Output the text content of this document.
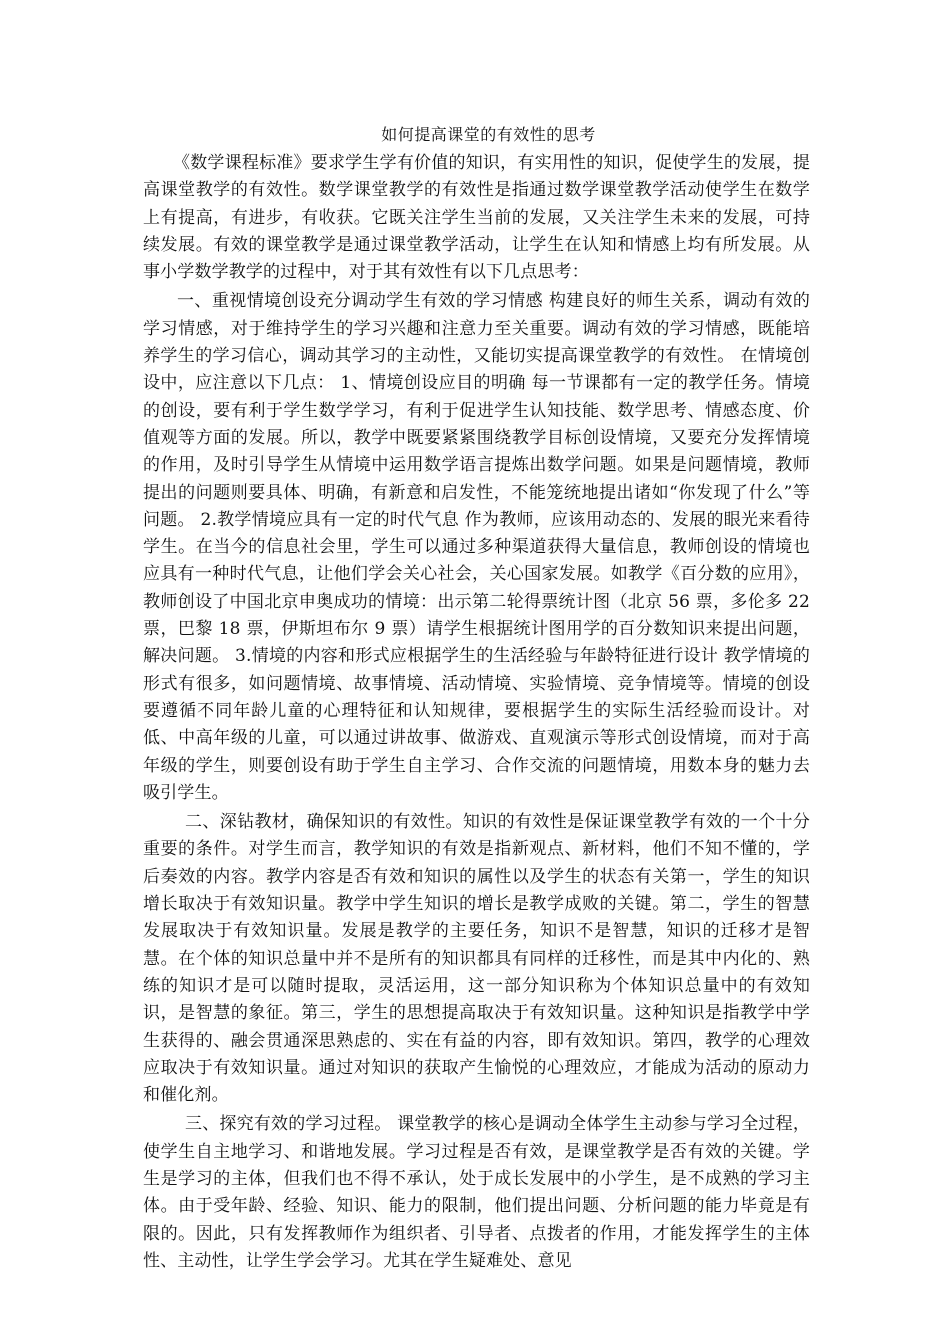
如何提高课堂的有效性的思考

《数学课程标准》要求学生学有价值的知识，有实用性的知识，促使学生的发展，提高课堂教学的有效性。数学课堂教学的有效性是指通过数学课堂教学活动使学生在数学上有提高，有进步，有收获。它既关注学生当前的发展，又关注学生未来的发展，可持续发展。有效的课堂教学是通过课堂教学活动，让学生在认知和情感上均有所发展。从事小学数学教学的过程中，对于其有效性有以下几点思考：

一、重视情境创设充分调动学生有效的学习情感 构建良好的师生关系，调动有效的学习情感，对于维持学生的学习兴趣和注意力至关重要。调动有效的学习情感，既能培养学生的学习信心，调动其学习的主动性，又能切实提高课堂教学的有效性。 在情境创设中，应注意以下几点： 1、情境创设应目的明确 每一节课都有一定的教学任务。情境的创设，要有利于学生数学学习，有利于促进学生认知技能、数学思考、情感态度、价值观等方面的发展。所以，教学中既要紧紧围绕教学目标创设情境，又要充分发挥情境的作用，及时引导学生从情境中运用数学语言提炼出数学问题。如果是问题情境，教师提出的问题则要具体、明确，有新意和启发性，不能笼统地提出诸如“你发现了什么”等问题。 2.教学情境应具有一定的时代气息 作为教师，应该用动态的、发展的眼光来看待学生。在当今的信息社会里，学生可以通过多种渠道获得大量信息，教师创设的情境也应具有一种时代气息，让他们学会关心社会，关心国家发展。如教学《百分数的应用》，教师创设了中国北京申奥成功的情境：出示第二轮得票统计图（北京 56 票，多伦多 22 票，巴黎 18 票，伊斯坦布尔 9 票）请学生根据统计图用学的百分数知识来提出问题，解决问题。 3.情境的内容和形式应根据学生的生活经验与年龄特征进行设计 教学情境的形式有很多，如问题情境、故事情境、活动情境、实验情境、竞争情境等。情境的创设要遵循不同年龄儿童的心理特征和认知规律，要根据学生的实际生活经验而设计。对低、中高年级的儿童，可以通过讲故事、做游戏、直观演示等形式创设情境，而对于高年级的学生，则要创设有助于学生自主学习、合作交流的问题情境，用数本身的魅力去吸引学生。

二、深钻教材，确保知识的有效性。知识的有效性是保证课堂教学有效的一个十分重要的条件。对学生而言，教学知识的有效是指新观点、新材料，他们不知不懂的，学后奏效的内容。教学内容是否有效和知识的属性以及学生的状态有关第一，学生的知识增长取决于有效知识量。教学中学生知识的增长是教学成败的关键。第二，学生的智慧发展取决于有效知识量。发展是教学的主要任务，知识不是智慧，知识的迁移才是智慧。在个体的知识总量中并不是所有的知识都具有同样的迁移性，而是其中内化的、熟练的知识才是可以随时提取，灵活运用，这一部分知识称为个体知识总量中的有效知识，是智慧的象征。第三，学生的思想提高取决于有效知识量。这种知识是指教学中学生获得的、融会贯通深思熟虑的、实在有益的内容，即有效知识。第四，教学的心理效应取决于有效知识量。通过对知识的获取产生愉悦的心理效应，才能成为活动的原动力和催化剂。

三、探究有效的学习过程。 课堂教学的核心是调动全体学生主动参与学习全过程，使学生自主地学习、和谐地发展。学习过程是否有效，是课堂教学是否有效的关键。学生是学习的主体，但我们也不得不承认，处于成长发展中的小学生，是不成熟的学习主体。由于受年龄、经验、知识、能力的限制，他们提出问题、分析问题的能力毕竟是有限的。因此，只有发挥教师作为组织者、引导者、点拨者的作用，才能发挥学生的主体性、主动性，让学生学会学习。尤其在学生疑难处、意见
